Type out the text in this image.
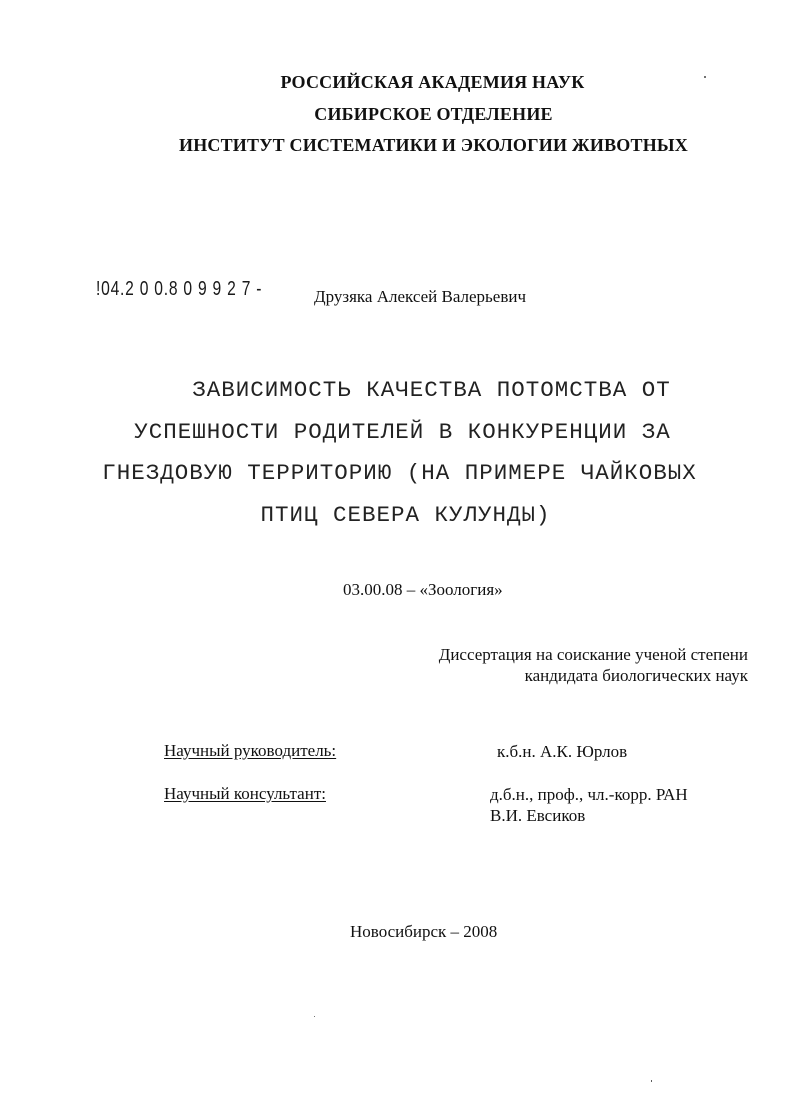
РОССИЙСКАЯ АКАДЕМИЯ НАУК
СИБИРСКОЕ ОТДЕЛЕНИЕ
ИНСТИТУТ СИСТЕМАТИКИ И ЭКОЛОГИИ ЖИВОТНЫХ
!04.2 0 0.8 0 9 9 2 7 -	Друзяка Алексей Валерьевич
ЗАВИСИМОСТЬ КАЧЕСТВА ПОТОМСТВА ОТ
УСПЕШНОСТИ РОДИТЕЛЕЙ В КОНКУРЕНЦИИ ЗА
ГНЕЗДОВУЮ ТЕРРИТОРИЮ (НА ПРИМЕРЕ ЧАЙКОВЫХ
ПТИЦ СЕВЕРА КУЛУНДЫ)
03.00.08 – «Зоология»
Диссертация на соискание ученой степени
кандидата биологических наук
Научный руководитель:	к.б.н. А.К. Юрлов
Научный консультант:	д.б.н., проф., чл.-корр. РАН
В.И. Евсиков
Новосибирск – 2008
